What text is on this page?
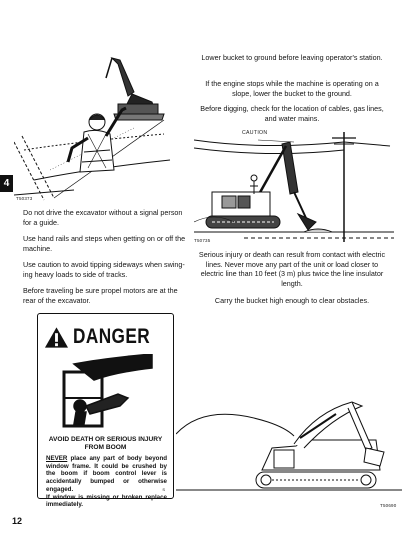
4
T50373

Do not drive the excavator without a signal person for a guide.

Use hand rails and steps when getting on or off the machine.

Use caution to avoid tipping sideways when swing-ing heavy loads to side of tracks.

Before traveling be sure propel motors are at the rear of the excavator.

Lower bucket to ground before leaving operator's station.

If the engine stops while the machine is operating on a slope, lower the bucket to the ground.

Before digging, check for the location of cables, gas lines, and water mains.

CAUTION
T50735

Serious injury or death can result from contact with electric lines. Never move any part of the unit or load closer to electric line than 10 feet (3 m) plus twice the line insulator length.

Carry the bucket high enough to clear obstacles.

DANGER
AVOID DEATH OR SERIOUS INJURY FROM BOOM

NEVER place any part of body beyond window frame. It could be crushed by the boom if boom control lever is accidentally bumped or otherwise engaged.

If window is missing or broken replace immediately.

S
T50690
12
